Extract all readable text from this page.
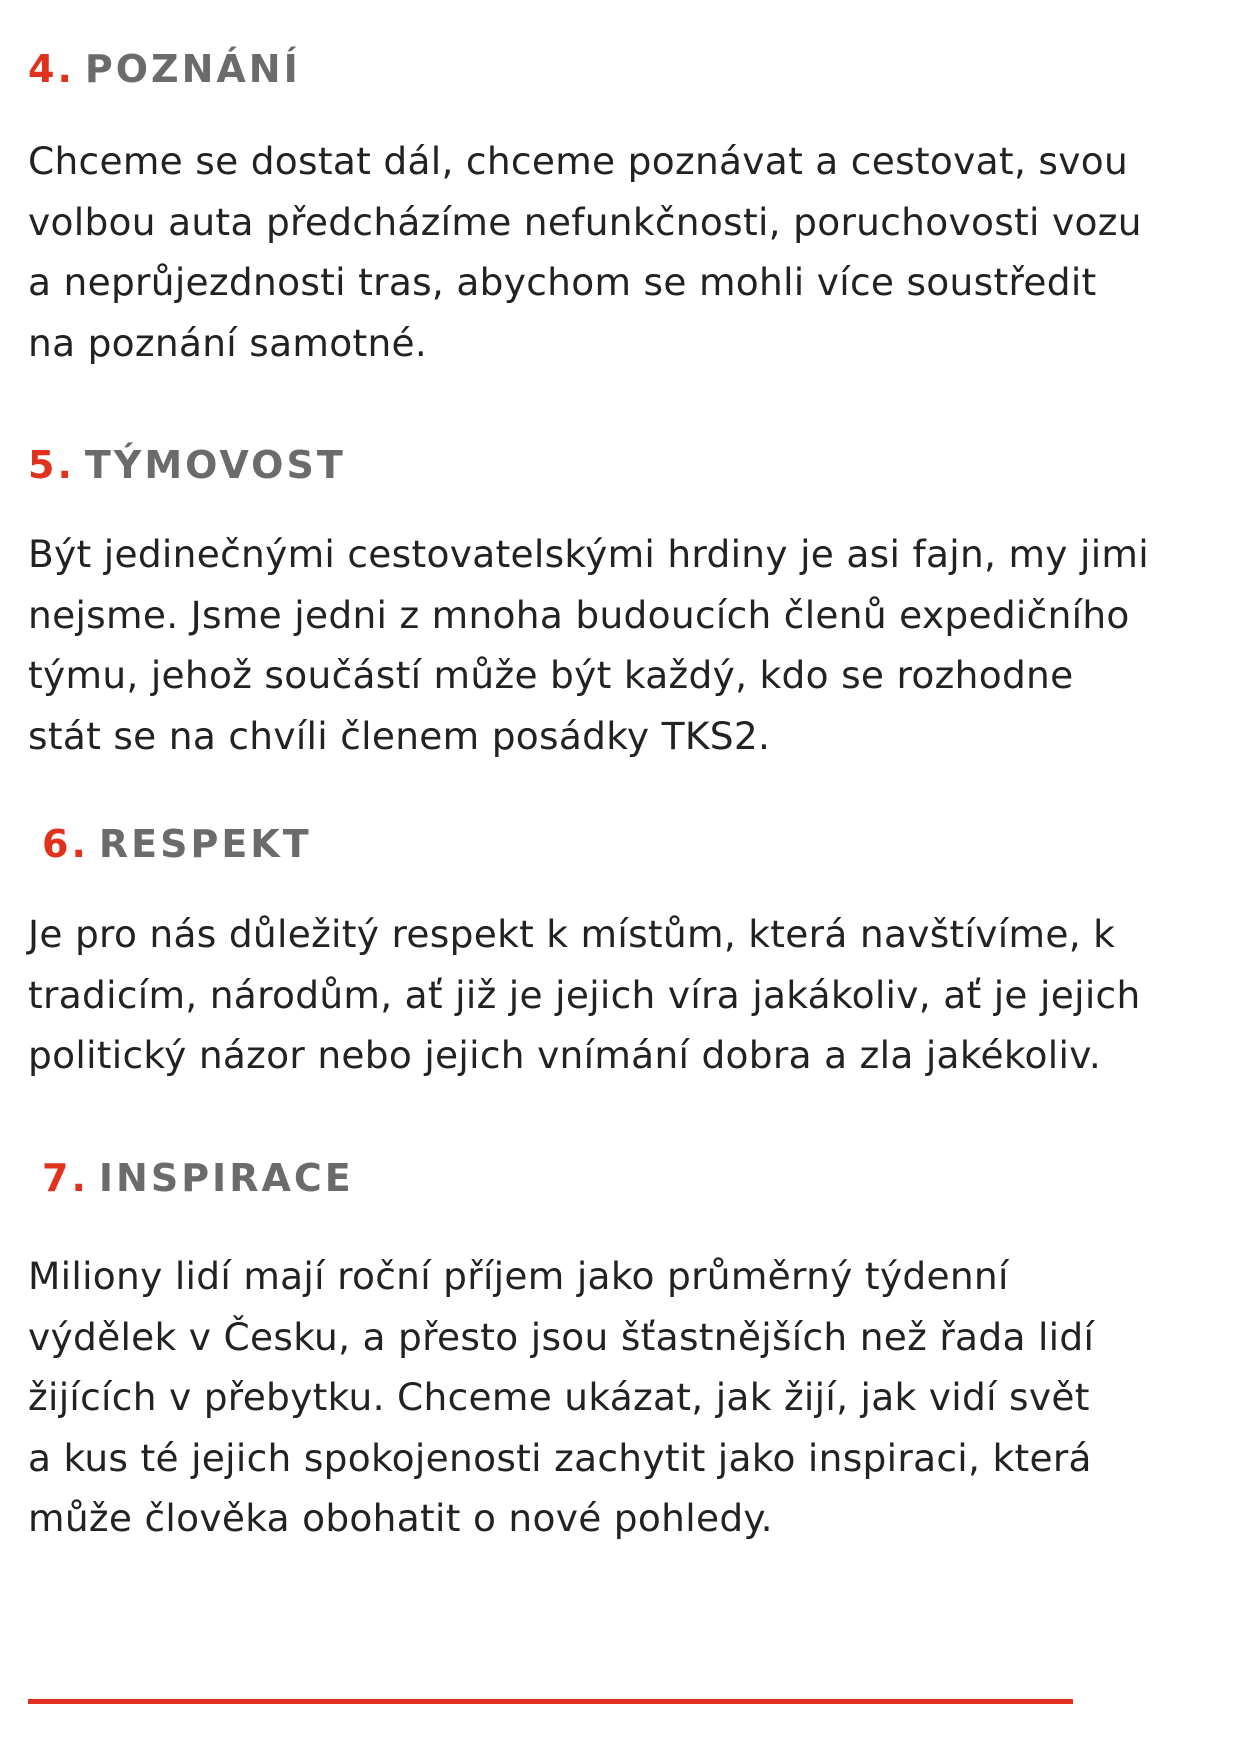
4. POZNÁNÍ
Chceme se dostat dál, chceme poznávat a cestovat, svou
volbou auta předcházíme nefunkčnosti, poruchovosti vozu
a neprůjezdnosti tras, abychom se mohli více soustředit
na poznání samotné.
5. TÝMOVOST
Být jedinečnými cestovatelskými hrdiny je asi fajn, my jimi
nejsme. Jsme jedni z mnoha budoucích členů expedičního
týmu, jehož součástí může být každý, kdo se rozhodne
stát se na chvíli členem posádky TKS2.
6. RESPEKT
Je pro nás důležitý respekt k místům, která navštívíme, k
tradicím, národům, ať již je jejich víra jakákoliv, ať je jejich
politický názor nebo jejich vnímání dobra a zla jakékoliv.
7. INSPIRACE
Miliony lidí mají roční příjem jako průměrný týdenní
výdělek v Česku, a přesto jsou šťastnějších než řada lidí
žijících v přebytku. Chceme ukázat, jak žijí, jak vidí svět
a kus té jejich spokojenosti zachytit jako inspiraci, která
může člověka obohatit o nové pohledy.
